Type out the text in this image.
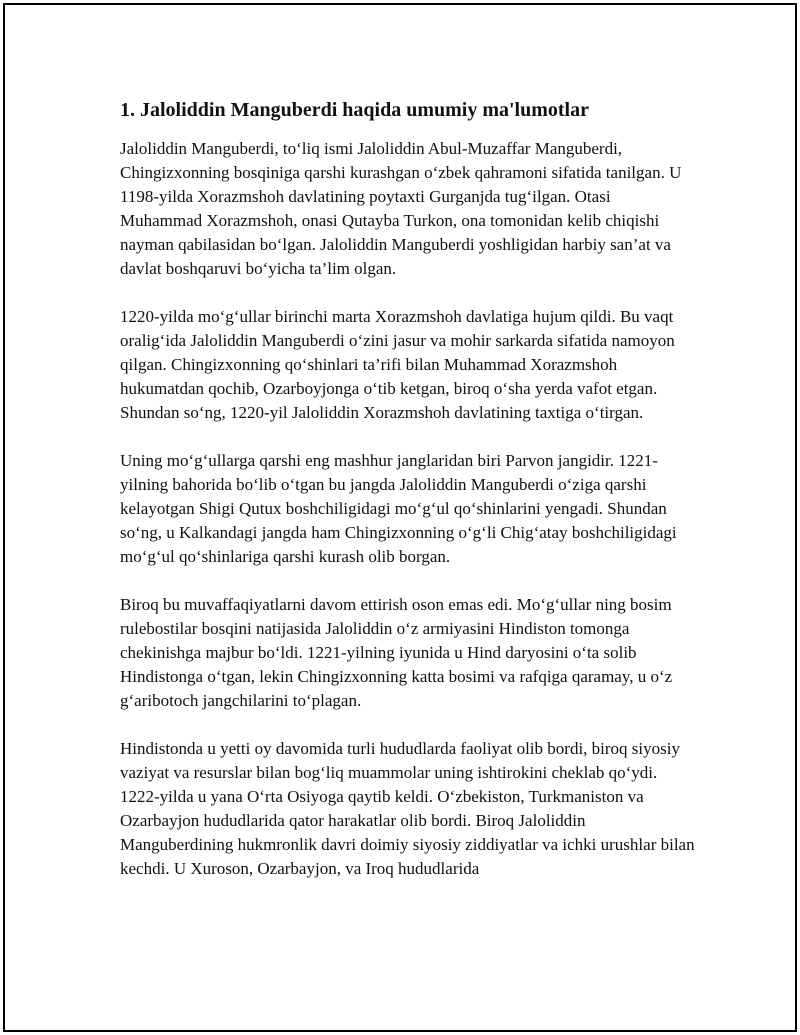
1. Jaloliddin Manguberdi haqida umumiy ma'lumotlar

Jaloliddin Manguberdi, to‘liq ismi Jaloliddin Abul-Muzaffar Manguberdi, Chingizxonning bosqiniga qarshi kurashgan o‘zbek qahramoni sifatida tanilgan. U 1198-yilda Xorazmshoh davlatining poytaxti Gurganjda tug‘ilgan. Otasi Muhammad Xorazmshoh, onasi Qutayba Turkon, ona tomonidan kelib chiqishi nayman qabilasidan bo‘lgan. Jaloliddin Manguberdi yoshligidan harbiy san’at va davlat boshqaruvi bo‘yicha ta’lim olgan.

1220-yilda mo‘g‘ullar birinchi marta Xorazmshoh davlatiga hujum qildi. Bu vaqt oralig‘ida Jaloliddin Manguberdi o‘zini jasur va mohir sarkarda sifatida namoyon qilgan. Chingizxonning qo‘shinlari ta’rifi bilan Muhammad Xorazmshoh hukumatdan qochib, Ozarboyjonga o‘tib ketgan, biroq o‘sha yerda vafot etgan. Shundan so‘ng, 1220-yil Jaloliddin Xorazmshoh davlatining taxtiga o‘tirgan.

Uning mo‘g‘ullarga qarshi eng mashhur janglaridan biri Parvon jangidir. 1221-yilning bahorida bo‘lib o‘tgan bu jangda Jaloliddin Manguberdi o‘ziga qarshi kelayotgan Shigi Qutux boshchiligidagi mo‘g‘ul qo‘shinlarini yengadi. Shundan so‘ng, u Kalkandagi jangda ham Chingizxonning o‘g‘li Chig‘atay boshchiligidagi mo‘g‘ul qo‘shinlariga qarshi kurash olib borgan.

Biroq bu muvaffaqiyatlarni davom ettirish oson emas edi. Mo‘g‘ullar ning bosim rulebostilar bosqini natijasida Jaloliddin o‘z armiyasini Hindiston tomonga chekinishga majbur bo‘ldi. 1221-yilning iyunida u Hind daryosini o‘ta solib Hindistonga o‘tgan, lekin Chingizxonning katta bosimi va rafqiga qaramay, u o‘z g‘aribotoch jangchilarini to‘plagan.

Hindistonda u yetti oy davomida turli hududlarda faoliyat olib bordi, biroq siyosiy vaziyat va resurslar bilan bog‘liq muammolar uning ishtirokini cheklab qo‘ydi. 1222-yilda u yana O‘rta Osiyoga qaytib keldi. O‘zbekiston, Turkmaniston va Ozarbayjon hududlarida qator harakatlar olib bordi. Biroq Jaloliddin Manguberdining hukmronlik davri doimiy siyosiy ziddiyatlar va ichki urushlar bilan kechdi. U Xuroson, Ozarbayjon, va Iroq hududlarida
